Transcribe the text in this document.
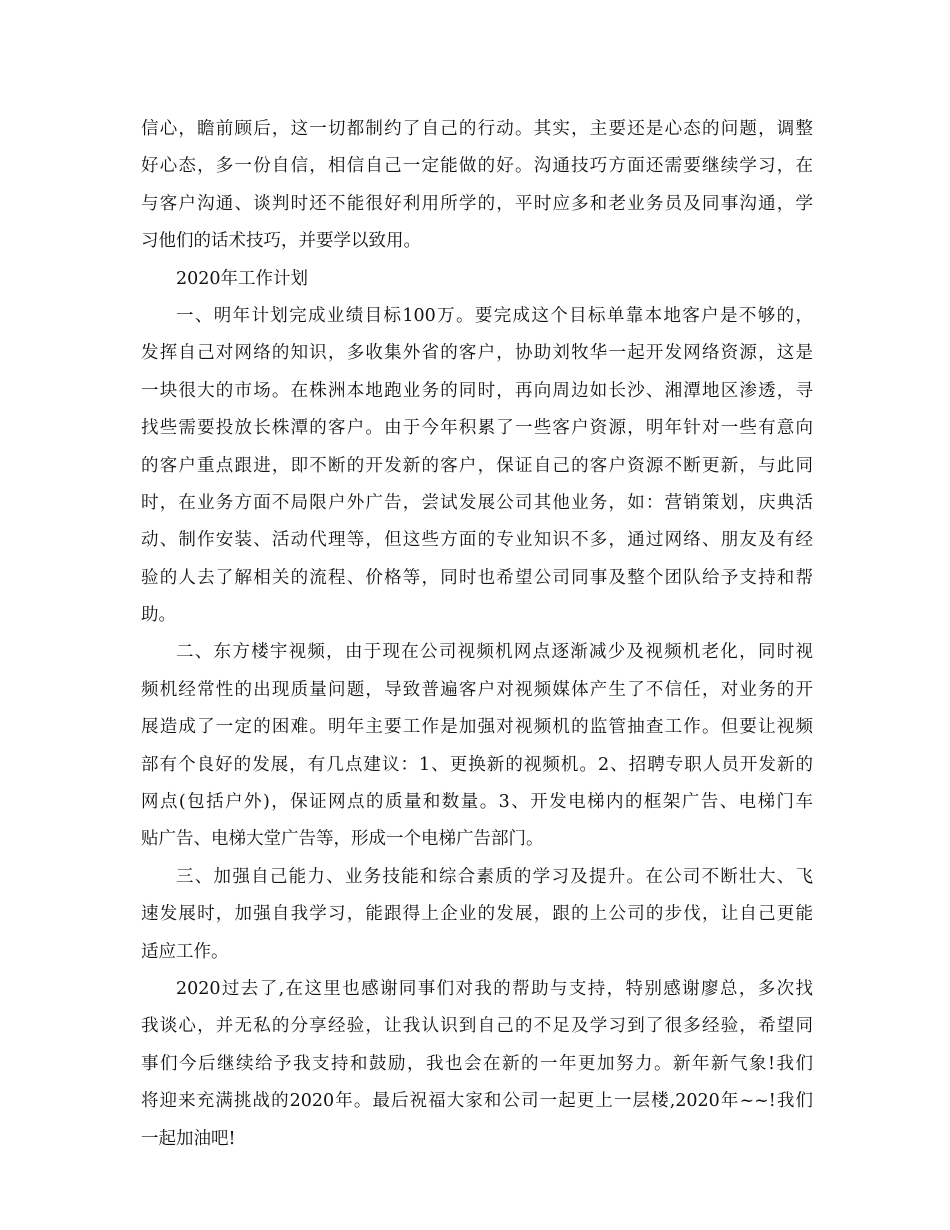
信心，瞻前顾后，这一切都制约了自己的行动。其实，主要还是心态的问题，调整
好心态，多一份自信，相信自己一定能做的好。沟通技巧方面还需要继续学习，在
与客户沟通、谈判时还不能很好利用所学的，平时应多和老业务员及同事沟通，学
习他们的话术技巧，并要学以致用。
2020年工作计划
一、明年计划完成业绩目标100万。要完成这个目标单靠本地客户是不够的，
发挥自己对网络的知识，多收集外省的客户，协助刘牧华一起开发网络资源，这是
一块很大的市场。在株洲本地跑业务的同时，再向周边如长沙、湘潭地区渗透，寻
找些需要投放长株潭的客户。由于今年积累了一些客户资源，明年针对一些有意向
的客户重点跟进，即不断的开发新的客户，保证自己的客户资源不断更新，与此同
时，在业务方面不局限户外广告，尝试发展公司其他业务，如：营销策划，庆典活
动、制作安装、活动代理等，但这些方面的专业知识不多，通过网络、朋友及有经
验的人去了解相关的流程、价格等，同时也希望公司同事及整个团队给予支持和帮
助。
二、东方楼宇视频，由于现在公司视频机网点逐渐减少及视频机老化，同时视
频机经常性的出现质量问题，导致普遍客户对视频媒体产生了不信任，对业务的开
展造成了一定的困难。明年主要工作是加强对视频机的监管抽查工作。但要让视频
部有个良好的发展，有几点建议：1、更换新的视频机。2、招聘专职人员开发新的
网点(包括户外)，保证网点的质量和数量。3、开发电梯内的框架广告、电梯门车
贴广告、电梯大堂广告等，形成一个电梯广告部门。
三、加强自己能力、业务技能和综合素质的学习及提升。在公司不断壮大、飞
速发展时，加强自我学习，能跟得上企业的发展，跟的上公司的步伐，让自己更能
适应工作。
2020过去了,在这里也感谢同事们对我的帮助与支持，特别感谢廖总，多次找
我谈心，并无私的分享经验，让我认识到自己的不足及学习到了很多经验，希望同
事们今后继续给予我支持和鼓励，我也会在新的一年更加努力。新年新气象!我们
将迎来充满挑战的2020年。最后祝福大家和公司一起更上一层楼,2020年~~!我们
一起加油吧!
